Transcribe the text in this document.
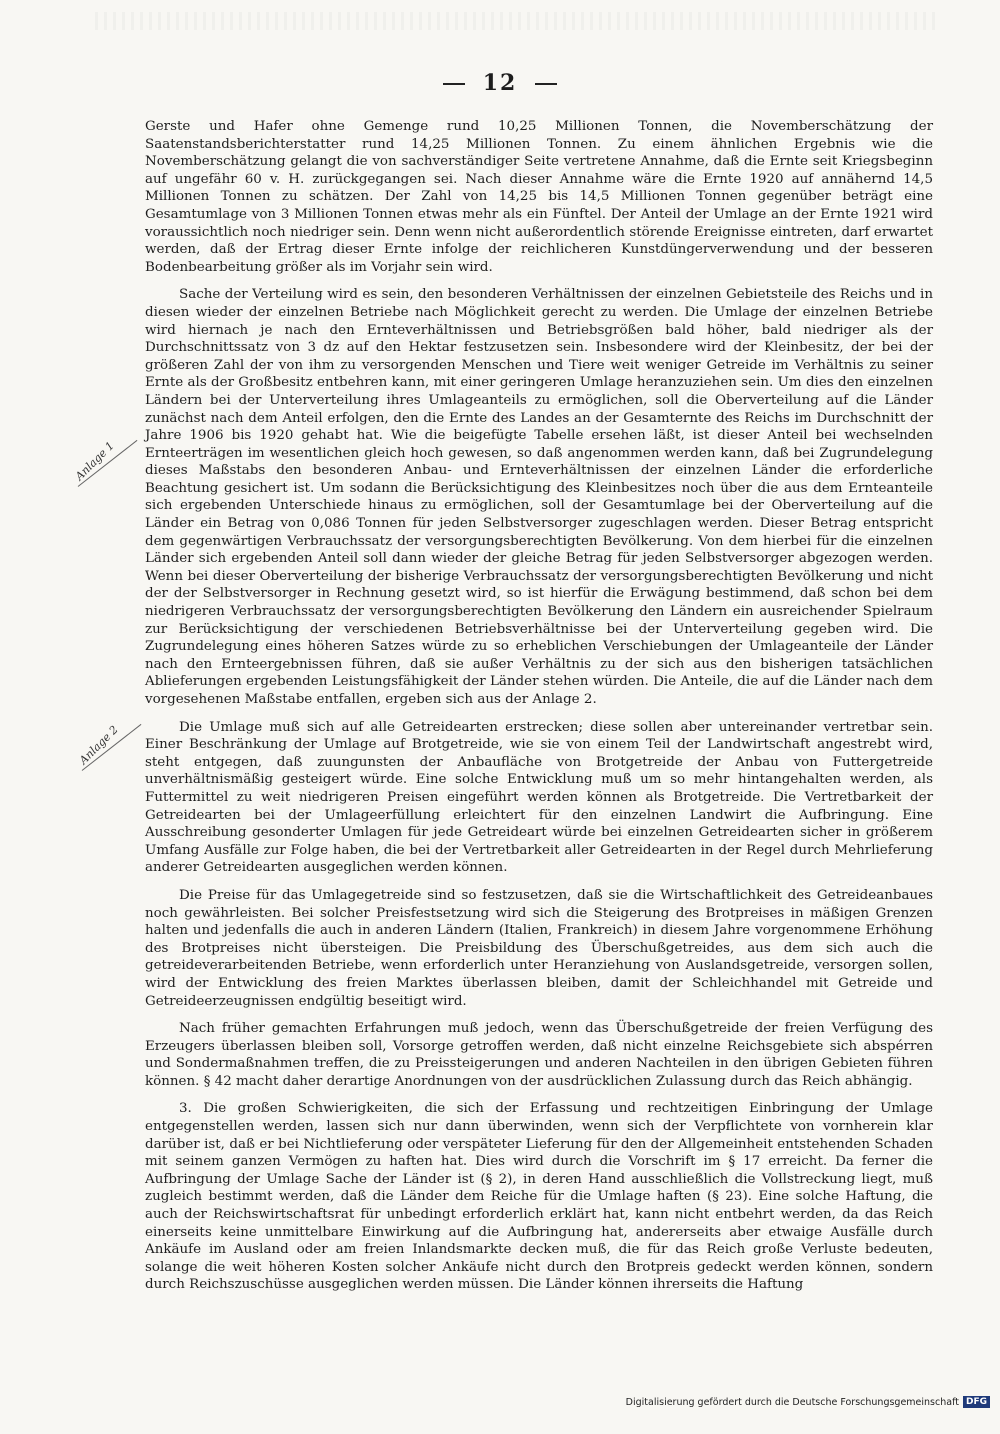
12
Anlage 1
Anlage 2

Gerste und Hafer ohne Gemenge rund 10,25 Millionen Tonnen, die Novemberschätzung der Saatenstandsberichterstatter rund 14,25 Millionen Tonnen. Zu einem ähnlichen Ergebnis wie die Novemberschätzung gelangt die von sachverständiger Seite vertretene Annahme, daß die Ernte seit Kriegsbeginn auf ungefähr 60 v. H. zurückgegangen sei. Nach dieser Annahme wäre die Ernte 1920 auf annähernd 14,5 Millionen Tonnen zu schätzen. Der Zahl von 14,25 bis 14,5 Millionen Tonnen gegenüber beträgt eine Gesamtumlage von 3 Millionen Tonnen etwas mehr als ein Fünftel. Der Anteil der Umlage an der Ernte 1921 wird voraussichtlich noch niedriger sein. Denn wenn nicht außerordentlich störende Ereignisse eintreten, darf erwartet werden, daß der Ertrag dieser Ernte infolge der reichlicheren Kunstdüngerverwendung und der besseren Bodenbearbeitung größer als im Vorjahr sein wird.

Sache der Verteilung wird es sein, den besonderen Verhältnissen der einzelnen Gebietsteile des Reichs und in diesen wieder der einzelnen Betriebe nach Möglichkeit gerecht zu werden. Die Umlage der einzelnen Betriebe wird hiernach je nach den Ernteverhältnissen und Betriebsgrößen bald höher, bald niedriger als der Durchschnittssatz von 3 dz auf den Hektar festzusetzen sein. Insbesondere wird der Kleinbesitz, der bei der größeren Zahl der von ihm zu versorgenden Menschen und Tiere weit weniger Getreide im Verhältnis zu seiner Ernte als der Großbesitz entbehren kann, mit einer geringeren Umlage heranzuziehen sein. Um dies den einzelnen Ländern bei der Unterverteilung ihres Umlageanteils zu ermöglichen, soll die Oberverteilung auf die Länder zunächst nach dem Anteil erfolgen, den die Ernte des Landes an der Gesamternte des Reichs im Durchschnitt der Jahre 1906 bis 1920 gehabt hat. Wie die beigefügte Tabelle ersehen läßt, ist dieser Anteil bei wechselnden Ernteerträgen im wesentlichen gleich hoch gewesen, so daß angenommen werden kann, daß bei Zugrundelegung dieses Maßstabs den besonderen Anbau- und Ernteverhältnissen der einzelnen Länder die erforderliche Beachtung gesichert ist. Um sodann die Berücksichtigung des Kleinbesitzes noch über die aus dem Ernteanteile sich ergebenden Unterschiede hinaus zu ermöglichen, soll der Gesamtumlage bei der Oberverteilung auf die Länder ein Betrag von 0,086 Tonnen für jeden Selbstversorger zugeschlagen werden. Dieser Betrag entspricht dem gegenwärtigen Verbrauchssatz der versorgungsberechtigten Bevölkerung. Von dem hierbei für die einzelnen Länder sich ergebenden Anteil soll dann wieder der gleiche Betrag für jeden Selbstversorger abgezogen werden. Wenn bei dieser Oberverteilung der bisherige Verbrauchssatz der versorgungsberechtigten Bevölkerung und nicht der der Selbstversorger in Rechnung gesetzt wird, so ist hierfür die Erwägung bestimmend, daß schon bei dem niedrigeren Verbrauchssatz der versorgungsberechtigten Bevölkerung den Ländern ein ausreichender Spielraum zur Berücksichtigung der verschiedenen Betriebsverhältnisse bei der Unterverteilung gegeben wird. Die Zugrundelegung eines höheren Satzes würde zu so erheblichen Verschiebungen der Umlageanteile der Länder nach den Ernteergebnissen führen, daß sie außer Verhältnis zu der sich aus den bisherigen tatsächlichen Ablieferungen ergebenden Leistungsfähigkeit der Länder stehen würden. Die Anteile, die auf die Länder nach dem vorgesehenen Maßstabe entfallen, ergeben sich aus der Anlage 2.

Die Umlage muß sich auf alle Getreidearten erstrecken; diese sollen aber untereinander vertretbar sein. Einer Beschränkung der Umlage auf Brotgetreide, wie sie von einem Teil der Landwirtschaft angestrebt wird, steht entgegen, daß zuungunsten der Anbaufläche von Brotgetreide der Anbau von Futtergetreide unverhältnismäßig gesteigert würde. Eine solche Entwicklung muß um so mehr hintangehalten werden, als Futtermittel zu weit niedrigeren Preisen eingeführt werden können als Brotgetreide. Die Vertretbarkeit der Getreidearten bei der Umlageerfüllung erleichtert für den einzelnen Landwirt die Aufbringung. Eine Ausschreibung gesonderter Umlagen für jede Getreideart würde bei einzelnen Getreidearten sicher in größerem Umfang Ausfälle zur Folge haben, die bei der Vertretbarkeit aller Getreidearten in der Regel durch Mehrlieferung anderer Getreidearten ausgeglichen werden können.

Die Preise für das Umlagegetreide sind so festzusetzen, daß sie die Wirtschaftlichkeit des Getreideanbaues noch gewährleisten. Bei solcher Preisfestsetzung wird sich die Steigerung des Brotpreises in mäßigen Grenzen halten und jedenfalls die auch in anderen Ländern (Italien, Frankreich) in diesem Jahre vorgenommene Erhöhung des Brotpreises nicht übersteigen. Die Preisbildung des Überschußgetreides, aus dem sich auch die getreideverarbeitenden Betriebe, wenn erforderlich unter Heranziehung von Auslandsgetreide, versorgen sollen, wird der Entwicklung des freien Marktes überlassen bleiben, damit der Schleichhandel mit Getreide und Getreideerzeugnissen endgültig beseitigt wird.

Nach früher gemachten Erfahrungen muß jedoch, wenn das Überschußgetreide der freien Verfügung des Erzeugers überlassen bleiben soll, Vorsorge getroffen werden, daß nicht einzelne Reichsgebiete sich abspérren und Sondermaßnahmen treffen, die zu Preissteigerungen und anderen Nachteilen in den übrigen Gebieten führen können. § 42 macht daher derartige Anordnungen von der ausdrücklichen Zulassung durch das Reich abhängig.

3. Die großen Schwierigkeiten, die sich der Erfassung und rechtzeitigen Einbringung der Umlage entgegenstellen werden, lassen sich nur dann überwinden, wenn sich der Verpflichtete von vornherein klar darüber ist, daß er bei Nichtlieferung oder verspäteter Lieferung für den der Allgemeinheit entstehenden Schaden mit seinem ganzen Vermögen zu haften hat. Dies wird durch die Vorschrift im § 17 erreicht. Da ferner die Aufbringung der Umlage Sache der Länder ist (§ 2), in deren Hand ausschließlich die Vollstreckung liegt, muß zugleich bestimmt werden, daß die Länder dem Reiche für die Umlage haften (§ 23). Eine solche Haftung, die auch der Reichswirtschaftsrat für unbedingt erforderlich erklärt hat, kann nicht entbehrt werden, da das Reich einerseits keine unmittelbare Einwirkung auf die Aufbringung hat, andererseits aber etwaige Ausfälle durch Ankäufe im Ausland oder am freien Inlandsmarkte decken muß, die für das Reich große Verluste bedeuten, solange die weit höheren Kosten solcher Ankäufe nicht durch den Brotpreis gedeckt werden können, sondern durch Reichszuschüsse ausgeglichen werden müssen. Die Länder können ihrerseits die Haftung

Digitalisierung gefördert durch die Deutsche Forschungsgemeinschaft DFG
